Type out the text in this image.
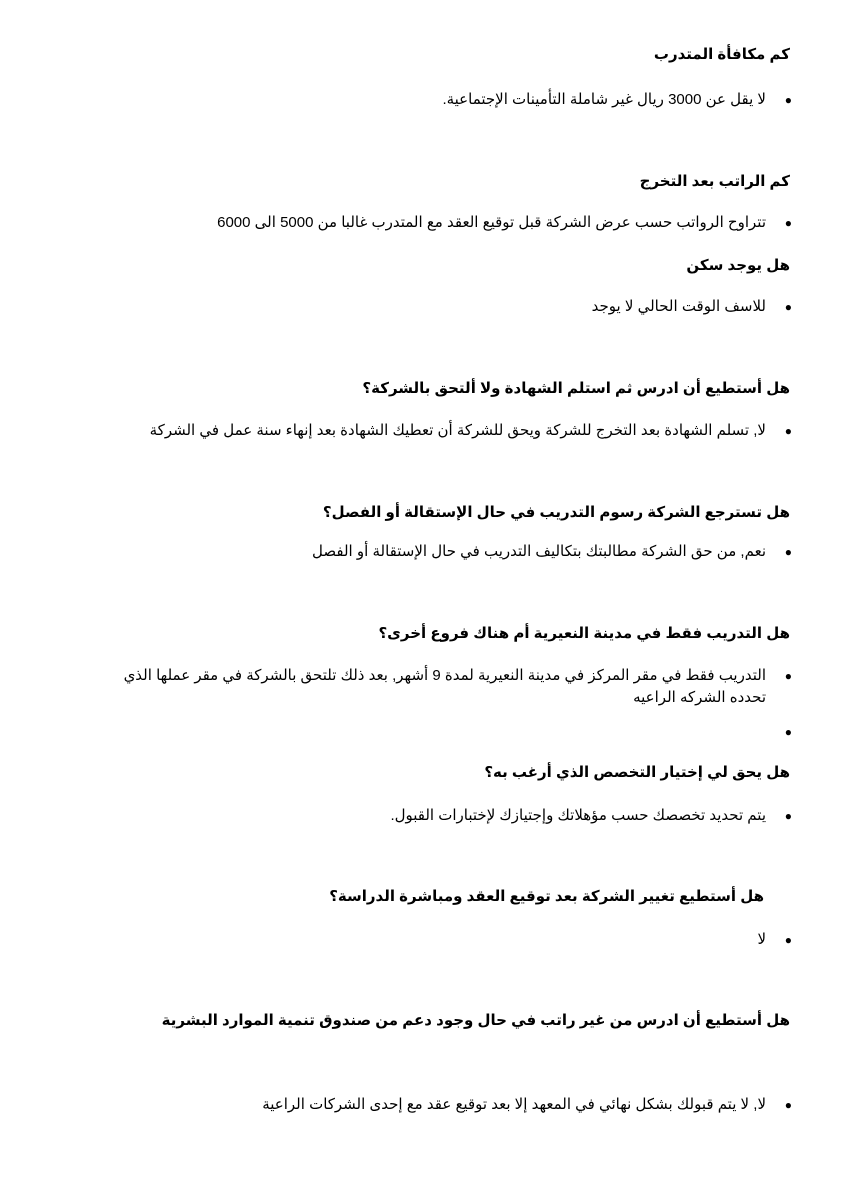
كم مكافأة المتدرب
●
لا يقل عن 3000 ريال غير شاملة التأمينات الإجتماعية.
كم الراتب بعد التخرج
●
تتراوح الرواتب حسب عرض الشركة قبل توقيع العقد مع المتدرب غالبا من 5000 الى 6000
هل يوجد سكن
●
للاسف الوقت الحالي لا يوجد
هل أستطيع أن ادرس ثم استلم الشهادة ولا ألتحق بالشركة؟
●
لا, تسلم الشهادة بعد التخرج للشركة ويحق للشركة أن تعطيك الشهادة بعد إنهاء سنة عمل في الشركة
هل تسترجع الشركة رسوم التدريب في حال الإستقالة أو الفصل؟
●
نعم, من حق الشركة مطالبتك بتكاليف التدريب في حال الإستقالة أو الفصل
هل التدريب فقط في مدينة النعيرية أم هناك فروع أخرى؟
●
التدريب فقط في مقر المركز في مدينة النعيرية لمدة 9 أشهر, بعد ذلك تلتحق بالشركة في مقر عملها الذي تحدده الشركه الراعيه
●
هل يحق لي إختيار التخصص الذي أرغب به؟
●
يتم تحديد تخصصك حسب مؤهلاتك وإجتيازك لإختبارات القبول.
هل أستطيع تغيير الشركة بعد توقيع العقد ومباشرة الدراسة؟
●
لا
هل أستطيع أن ادرس من غير راتب في حال وجود دعم من صندوق تنمية الموارد البشرية
●
لا, لا يتم قبولك بشكل نهائي في المعهد إلا بعد توقيع عقد مع إحدى الشركات الراعية
